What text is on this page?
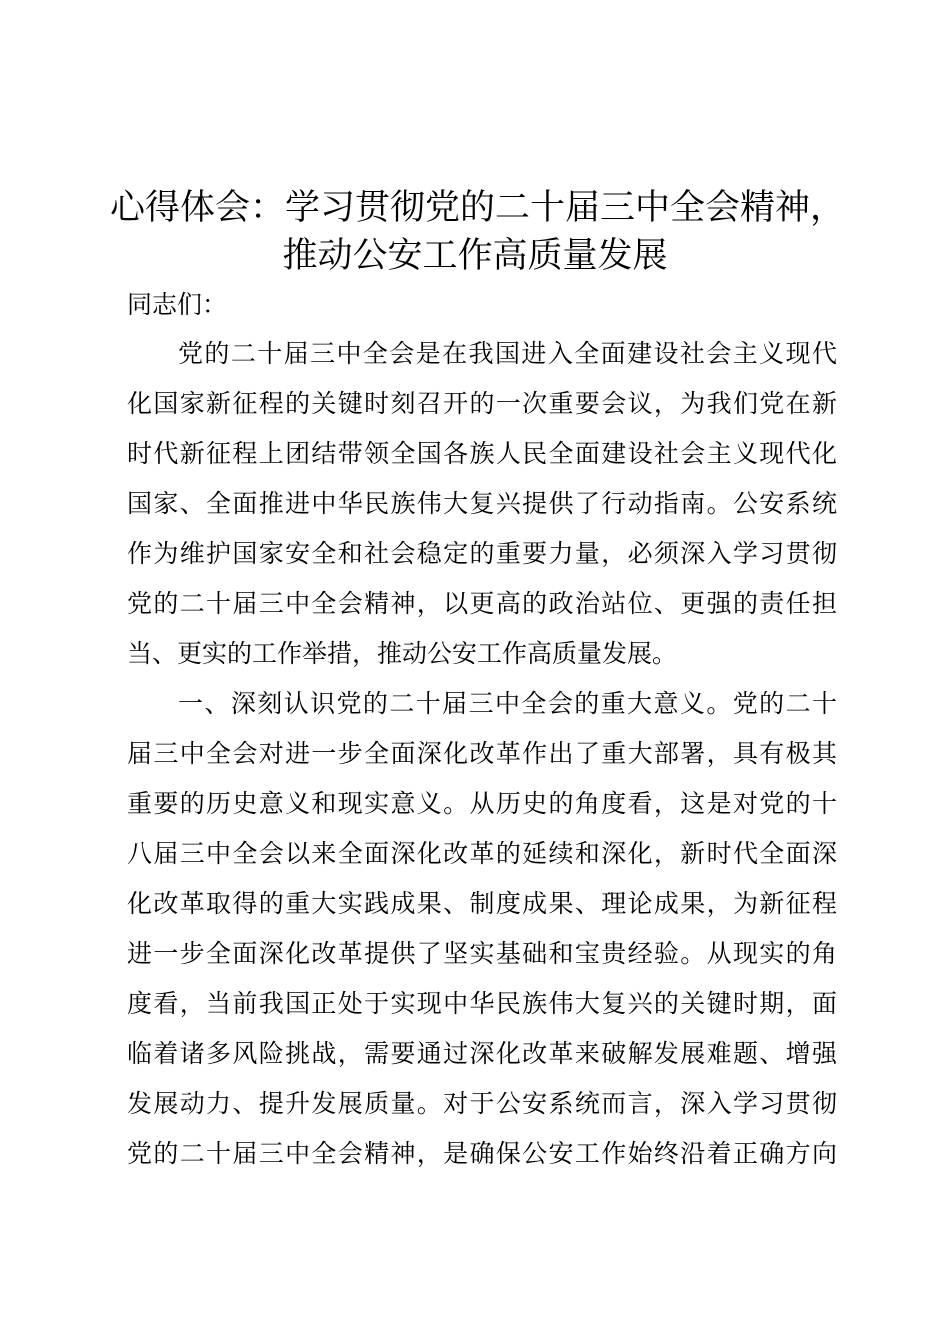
心得体会：学习贯彻党的二十届三中全会精神，
推动公安工作高质量发展
同志们：
党的二十届三中全会是在我国进入全面建设社会主义现代
化国家新征程的关键时刻召开的一次重要会议，为我们党在新
时代新征程上团结带领全国各族人民全面建设社会主义现代化
国家、全面推进中华民族伟大复兴提供了行动指南。公安系统
作为维护国家安全和社会稳定的重要力量，必须深入学习贯彻
党的二十届三中全会精神，以更高的政治站位、更强的责任担
当、更实的工作举措，推动公安工作高质量发展。
一、深刻认识党的二十届三中全会的重大意义。党的二十
届三中全会对进一步全面深化改革作出了重大部署，具有极其
重要的历史意义和现实意义。从历史的角度看，这是对党的十
八届三中全会以来全面深化改革的延续和深化，新时代全面深
化改革取得的重大实践成果、制度成果、理论成果，为新征程
进一步全面深化改革提供了坚实基础和宝贵经验。从现实的角
度看，当前我国正处于实现中华民族伟大复兴的关键时期，面
临着诸多风险挑战，需要通过深化改革来破解发展难题、增强
发展动力、提升发展质量。对于公安系统而言，深入学习贯彻
党的二十届三中全会精神，是确保公安工作始终沿着正确方向
